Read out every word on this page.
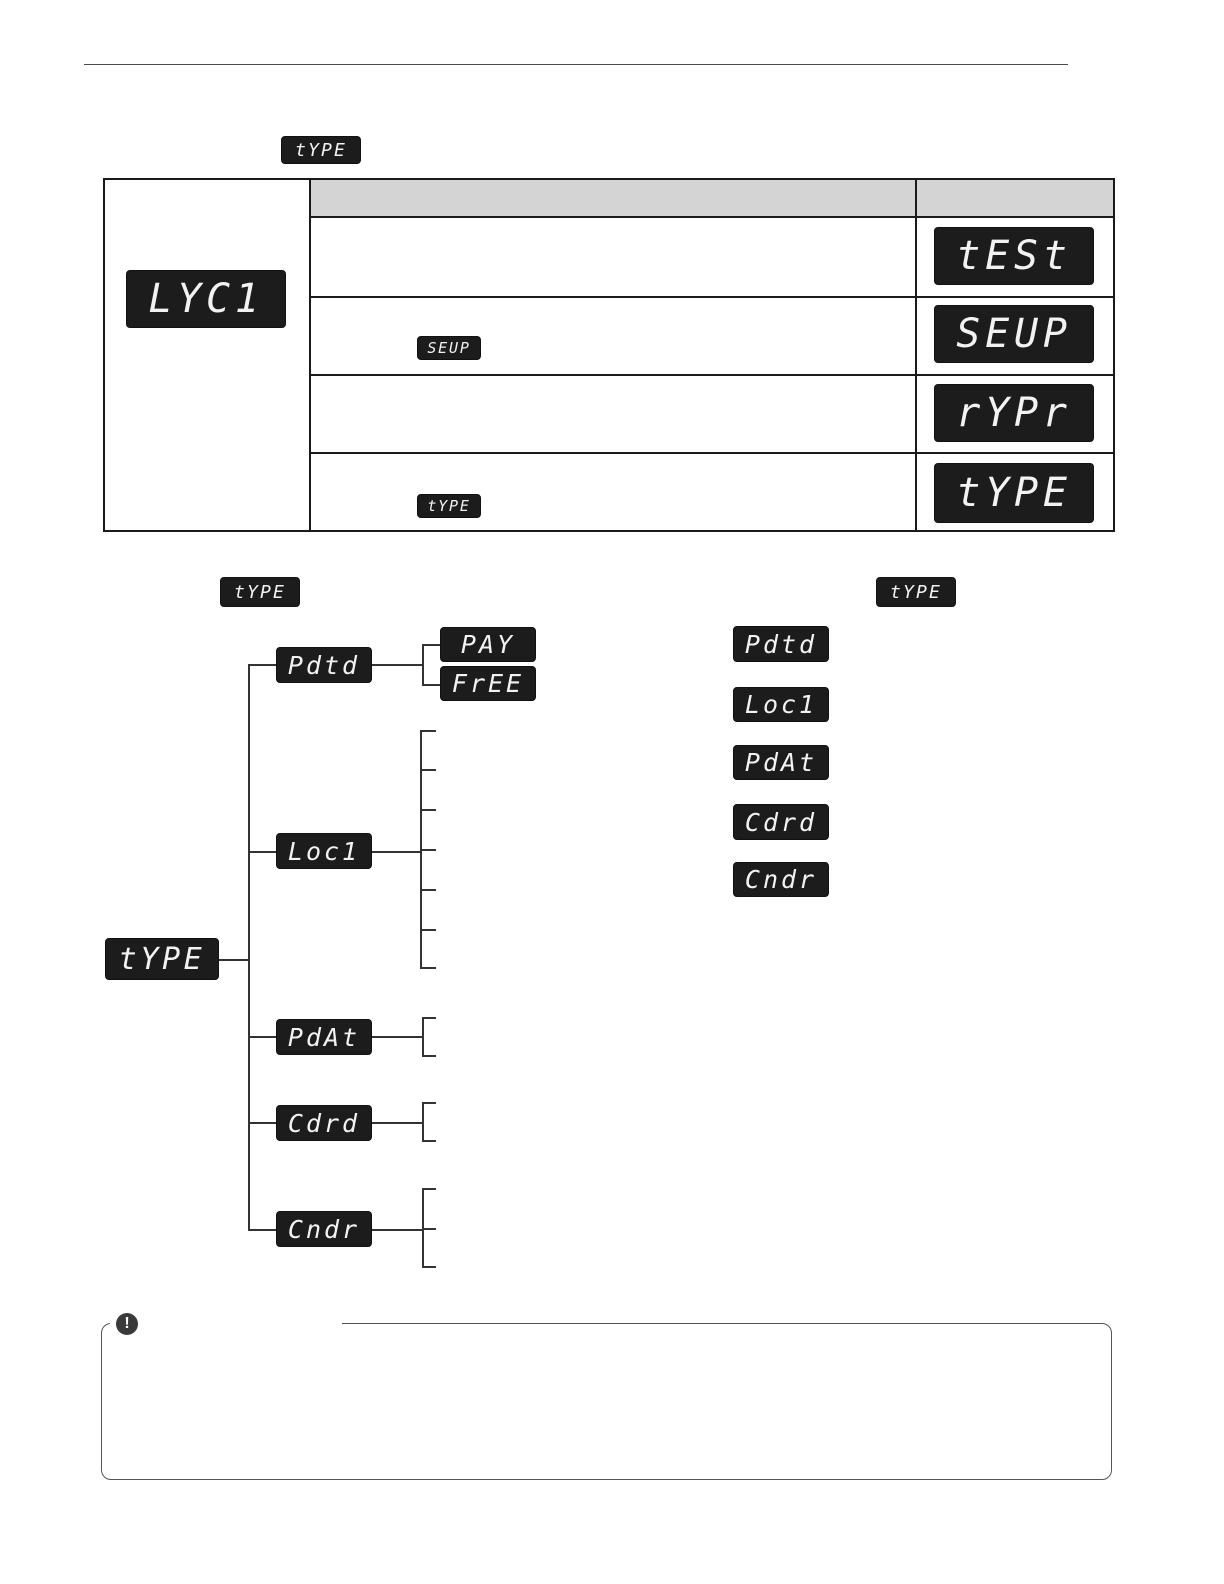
tYPE
LYC1
tESt
SEUP
rYPr
tYPE
SEUP
tYPE
tYPE	tYPE
tYPE
Pdtd
Loc1
PdAt
Cdrd
Cndr
PAY
FrEE
Pdtd
Loc1
PdAt
Cdrd
Cndr
!
